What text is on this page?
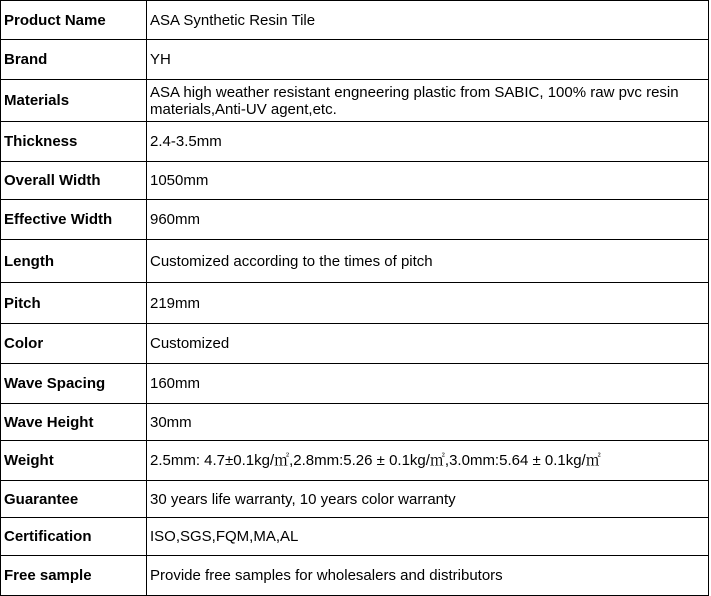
Product Name	ASA Synthetic Resin Tile
Brand	YH
Materials	ASA high weather resistant engneering plastic from SABIC, 100% raw pvc resin materials,Anti-UV agent,etc.
Thickness	2.4-3.5mm
Overall Width	1050mm
Effective Width	960mm
Length	Customized according to the times of pitch
Pitch	219mm
Color	Customized
Wave Spacing	160mm
Wave Height	30mm
Weight	2.5mm: 4.7±0.1kg/㎡,2.8mm:5.26 ± 0.1kg/㎡,3.0mm:5.64 ± 0.1kg/㎡
Guarantee	30 years life warranty, 10 years color warranty
Certification	ISO,SGS,FQM,MA,AL
Free sample	Provide free samples for wholesalers and distributors
